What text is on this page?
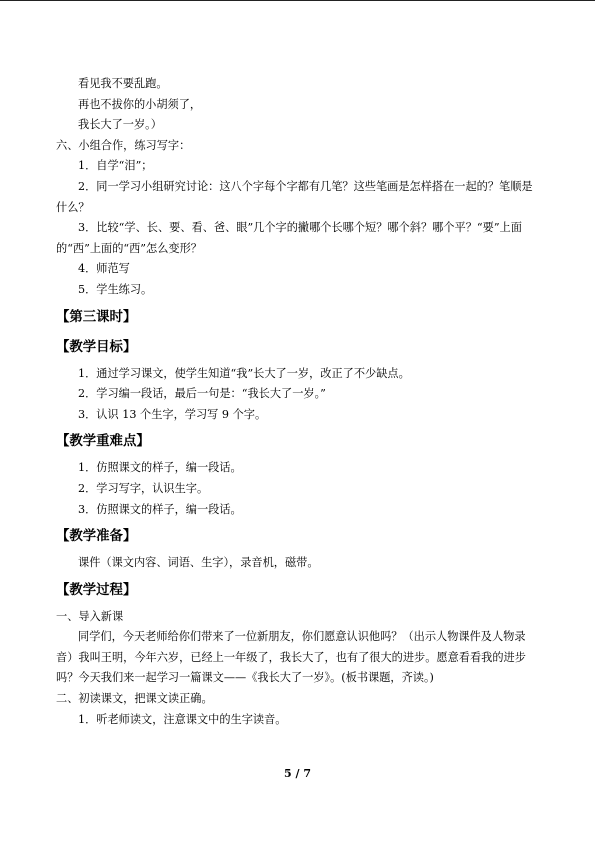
看见我不要乱跑。

再也不拔你的小胡须了，

我长大了一岁。）

六、小组合作，练习写字：

1．自学“泪”；

2．同一学习小组研究讨论：这八个字每个字都有几笔？这些笔画是怎样搭在一起的？笔顺是什么？

3．比较“学、长、要、看、爸、眼”几个字的撇哪个长哪个短？哪个斜？哪个平？“要”上面的“西”上面的“西”怎么变形？

4．师范写

5．学生练习。

【第三课时】

【教学目标】

1．通过学习课文，使学生知道“我”长大了一岁，改正了不少缺点。

2．学习编一段话，最后一句是：“我长大了一岁。”

3．认识 13 个生字，学习写 9 个字。

【教学重难点】

1．仿照课文的样子，编一段话。

2．学习写字，认识生字。

3．仿照课文的样子，编一段话。

【教学准备】

课件（课文内容、词语、生字），录音机，磁带。

【教学过程】

一、导入新课

同学们，今天老师给你们带来了一位新朋友，你们愿意认识他吗？（出示人物课件及人物录音）我叫王明，今年六岁，已经上一年级了，我长大了，也有了很大的进步。愿意看看我的进步吗？今天我们来一起学习一篇课文——《我长大了一岁》。(板书课题，齐读。)

二、初读课文，把课文读正确。

1．听老师读文，注意课文中的生字读音。

5 / 7
